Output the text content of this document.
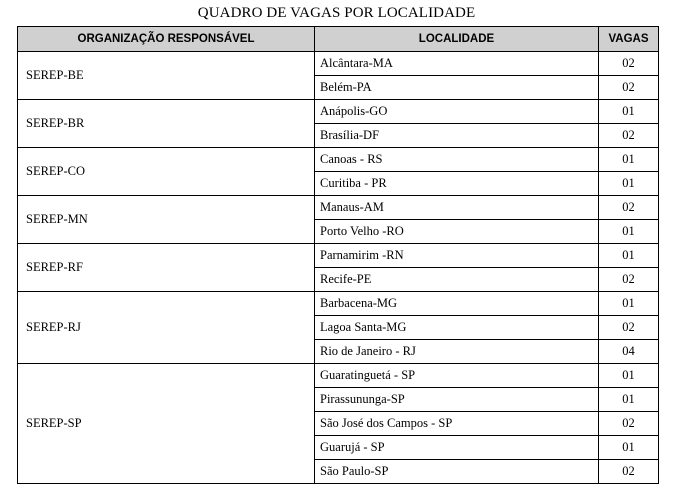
QUADRO DE VAGAS POR LOCALIDADE
ORGANIZAÇÃO RESPONSÁVEL	LOCALIDADE	VAGAS
SEREP-BE	Alcântara-MA	02
	Belém-PA	02
SEREP-BR	Anápolis-GO	01
	Brasília-DF	02
SEREP-CO	Canoas - RS	01
	Curitiba - PR	01
SEREP-MN	Manaus-AM	02
	Porto Velho -RO	01
SEREP-RF	Parnamirim -RN	01
	Recife-PE	02
SEREP-RJ	Barbacena-MG	01
	Lagoa Santa-MG	02
	Rio de Janeiro - RJ	04
SEREP-SP	Guaratinguetá - SP	01
	Pirassununga-SP	01
	São José dos Campos - SP	02
	Guarujá - SP	01
	São Paulo-SP	02
